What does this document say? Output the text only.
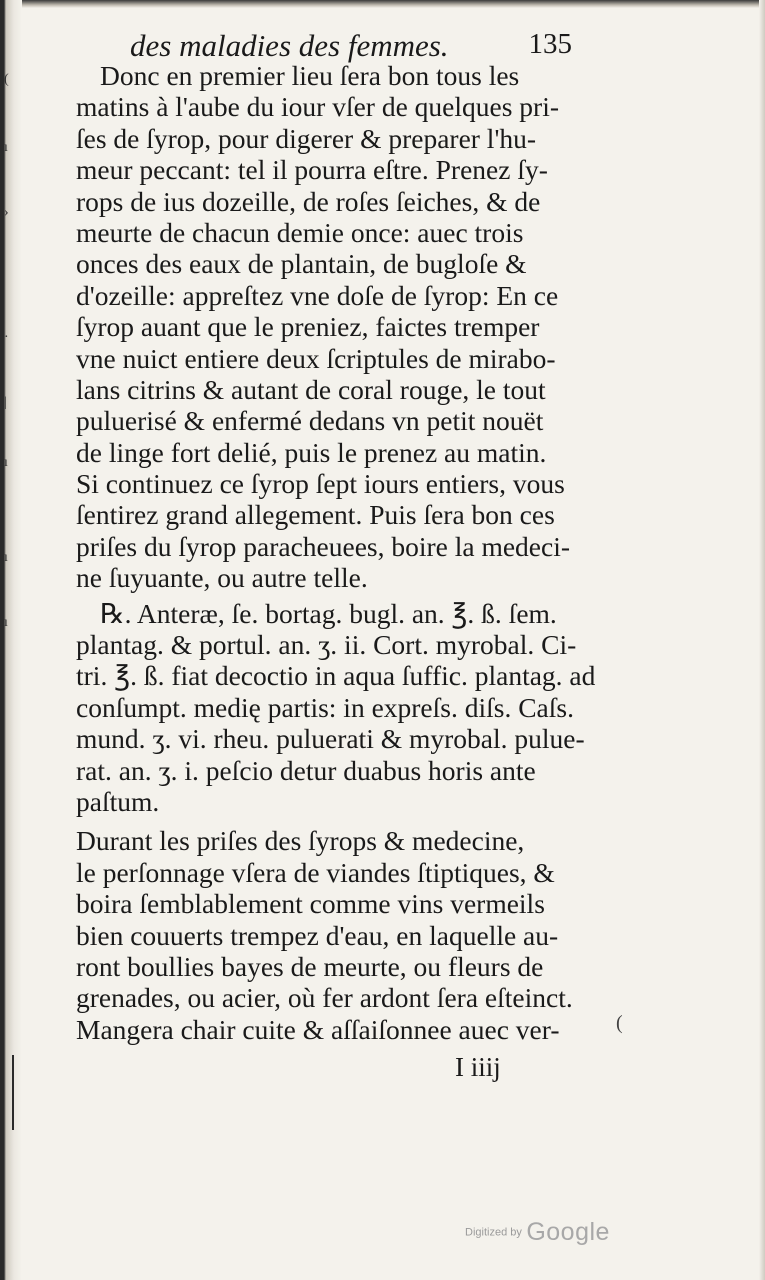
(
ı
›
·
|
ı
ı
ı
des maladies des femmes.	135
Donc en premier lieu ſera bon tous les
matins à l'aube du iour vſer de quelques pri-
ſes de ſyrop, pour digerer & preparer l'hu-
meur peccant: tel il pourra eſtre. Prenez ſy-
rops de ius dozeille, de roſes ſeiches, & de
meurte de chacun demie once: auec trois
onces des eaux de plantain, de bugloſe &
d'ozeille: appreſtez vne doſe de ſyrop: En ce
ſyrop auant que le preniez, faictes tremper
vne nuict entiere deux ſcriptules de mirabo-
lans citrins & autant de coral rouge, le tout
puluerisé & enfermé dedans vn petit nouët
de linge fort delié, puis le prenez au matin.
Si continuez ce ſyrop ſept iours entiers, vous
ſentirez grand allegement. Puis ſera bon ces
priſes du ſyrop paracheuees, boire la medeci-
ne ſuyuante, ou autre telle.
℞. Anteræ, ſe. bortag. bugl. an. ℥. ß. ſem.
plantag. & portul. an. ʒ. ii. Cort. myrobal. Ci-
tri. ℥. ß. fiat decoctio in aqua ſuffic. plantag. ad
conſumpt. medię partis: in expreſs. diſs. Caſs.
mund. ʒ. vi. rheu. puluerati & myrobal. pulue-
rat. an. ʒ. i. peſcio detur duabus horis ante
paſtum.
Durant les priſes des ſyrops & medecine,
le perſonnage vſera de viandes ſtiptiques, &
boira ſemblablement comme vins vermeils
bien couuerts trempez d'eau, en laquelle au-
ront boullies bayes de meurte, ou fleurs de
grenades, ou acier, où fer ardont ſera eſteinct.
Mangera chair cuite & aſſaiſonnee auec ver-	(
I iiij
Digitized by Google
